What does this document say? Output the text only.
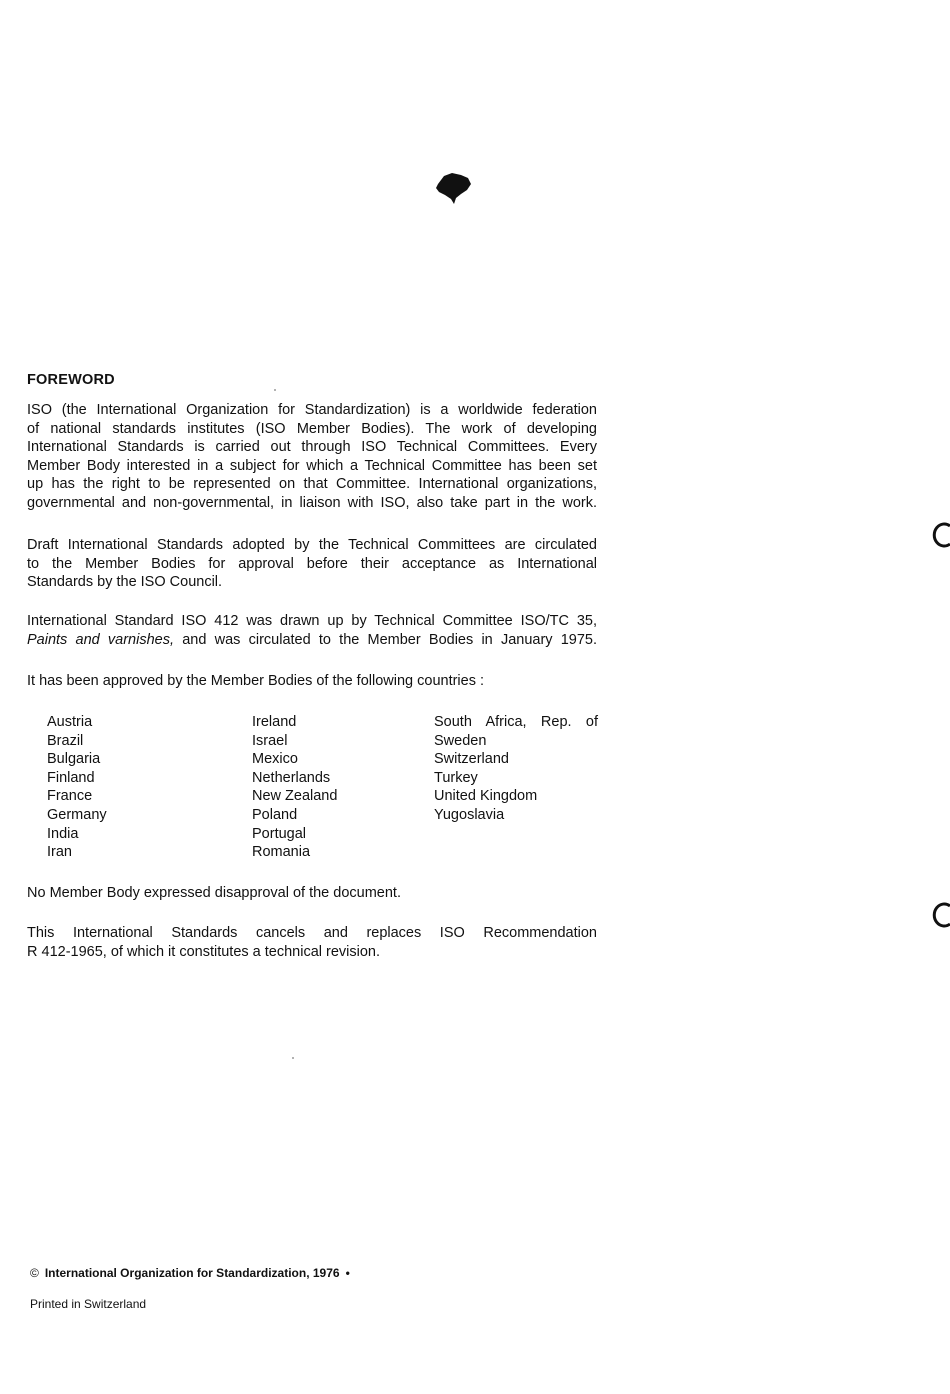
FOREWORD
ISO (the International Organization for Standardization) is a worldwide federation
of national standards institutes (ISO Member Bodies). The work of developing
International Standards is carried out through ISO Technical Committees. Every
Member Body interested in a subject for which a Technical Committee has been set
up has the right to be represented on that Committee. International organizations,
governmental and non-governmental, in liaison with ISO, also take part in the work.
Draft International Standards adopted by the Technical Committees are circulated
to the Member Bodies for approval before their acceptance as International
Standards by the ISO Council.
International Standard ISO 412 was drawn up by Technical Committee ISO/TC 35,
Paints and varnishes, and was circulated to the Member Bodies in January 1975.
It has been approved by the Member Bodies of the following countries :
Austria
Brazil
Bulgaria
Finland
France
Germany
India
Iran
Ireland
Israel
Mexico
Netherlands
New Zealand
Poland
Portugal
Romania
South Africa, Rep. of
Sweden
Switzerland
Turkey
United Kingdom
Yugoslavia
No Member Body expressed disapproval of the document.
This International Standards cancels and replaces ISO Recommendation
R 412-1965, of which it constitutes a technical revision.
© International Organization for Standardization, 1976 •
Printed in Switzerland
